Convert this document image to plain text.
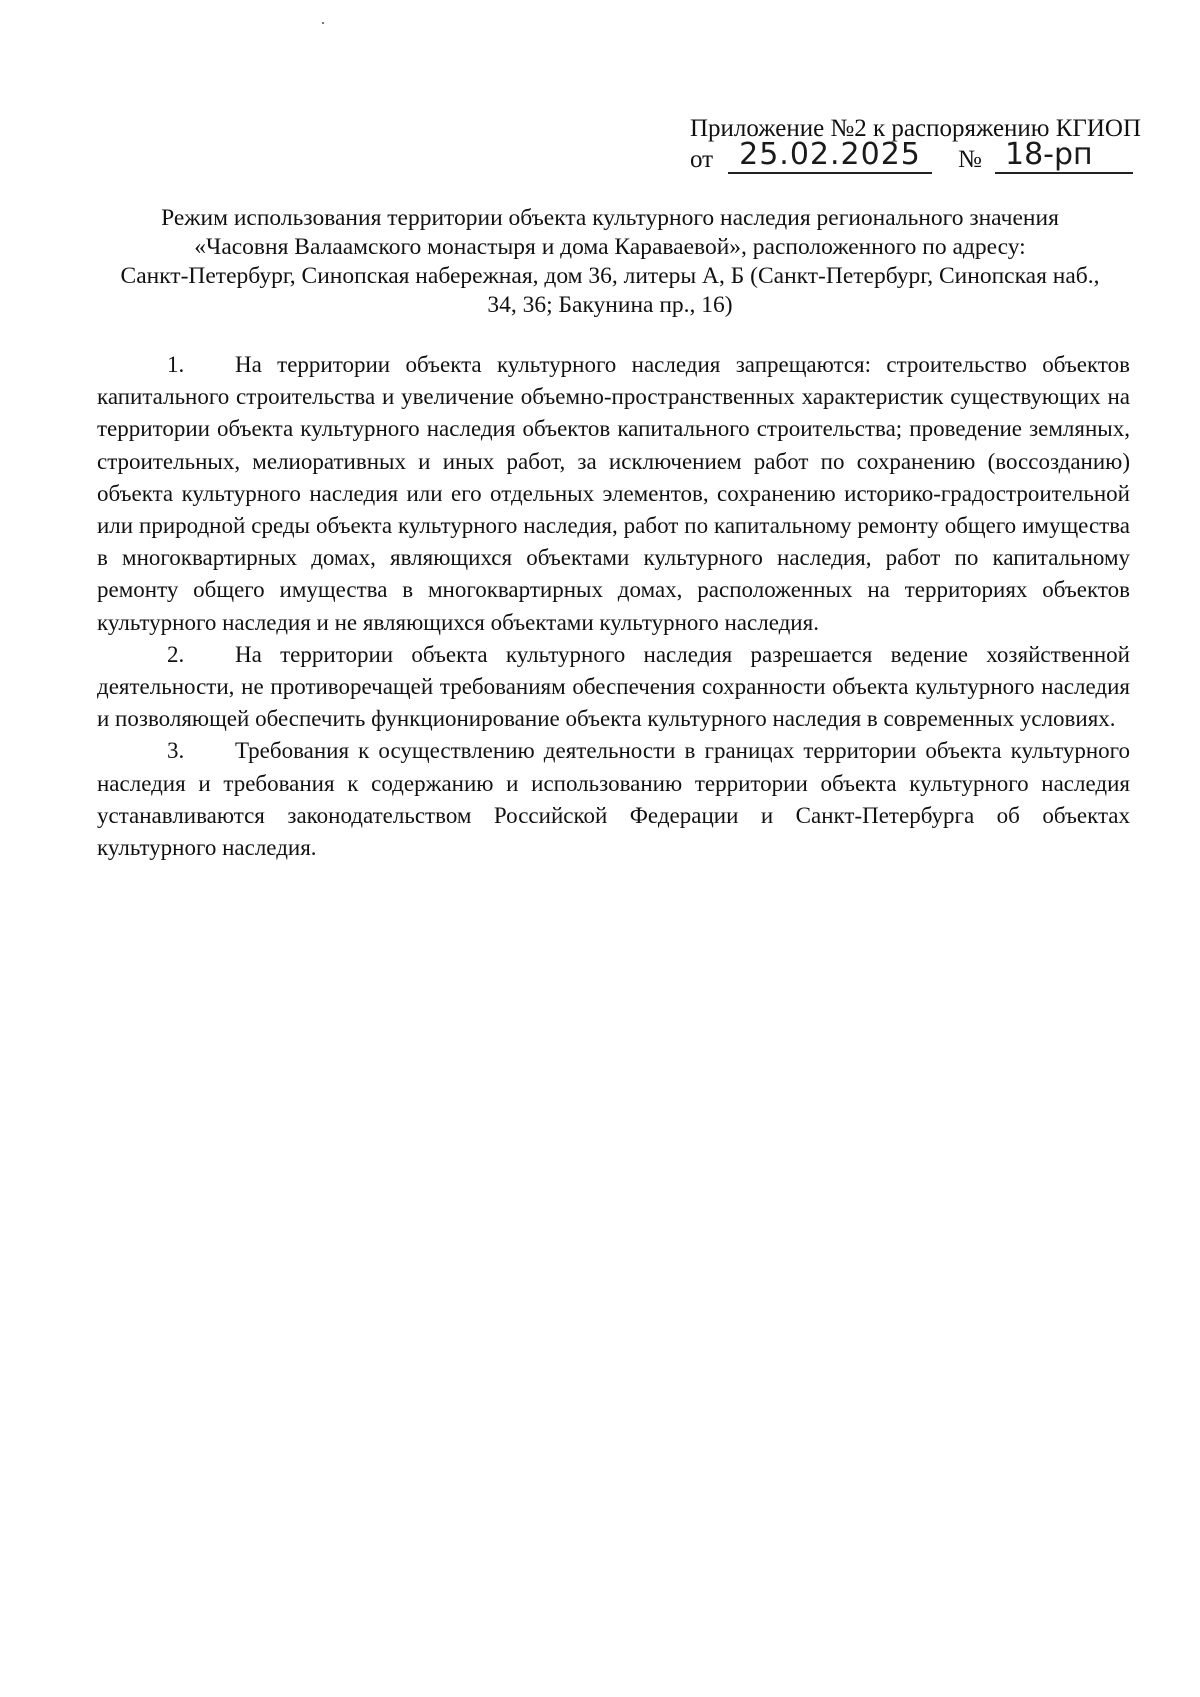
Приложение №2 к распоряжению КГИОП
от 25.02.2025	№ 18-рп
Режим использования территории объекта культурного наследия регионального значения
«Часовня Валаамского монастыря и дома Караваевой», расположенного по адресу:
Санкт-Петербург, Синопская набережная, дом 36, литеры А, Б (Санкт-Петербург, Синопская наб.,
34, 36; Бакунина пр., 16)

1. На территории объекта культурного наследия запрещаются: строительство объектов капитального строительства и увеличение объемно-пространственных характеристик существующих на территории объекта культурного наследия объектов капитального строительства; проведение земляных, строительных, мелиоративных и иных работ, за исключением работ по сохранению (воссозданию) объекта культурного наследия или его отдельных элементов, сохранению историко-градостроительной или природной среды объекта культурного наследия, работ по капитальному ремонту общего имущества в многоквартирных домах, являющихся объектами культурного наследия, работ по капитальному ремонту общего имущества в многоквартирных домах, расположенных на территориях объектов культурного наследия и не являющихся объектами культурного наследия.

2. На территории объекта культурного наследия разрешается ведение хозяйственной деятельности, не противоречащей требованиям обеспечения сохранности объекта культурного наследия и позволяющей обеспечить функционирование объекта культурного наследия в современных условиях.

3. Требования к осуществлению деятельности в границах территории объекта культурного наследия и требования к содержанию и использованию территории объекта культурного наследия устанавливаются законодательством Российской Федерации и Санкт-Петербурга об объектах культурного наследия.
